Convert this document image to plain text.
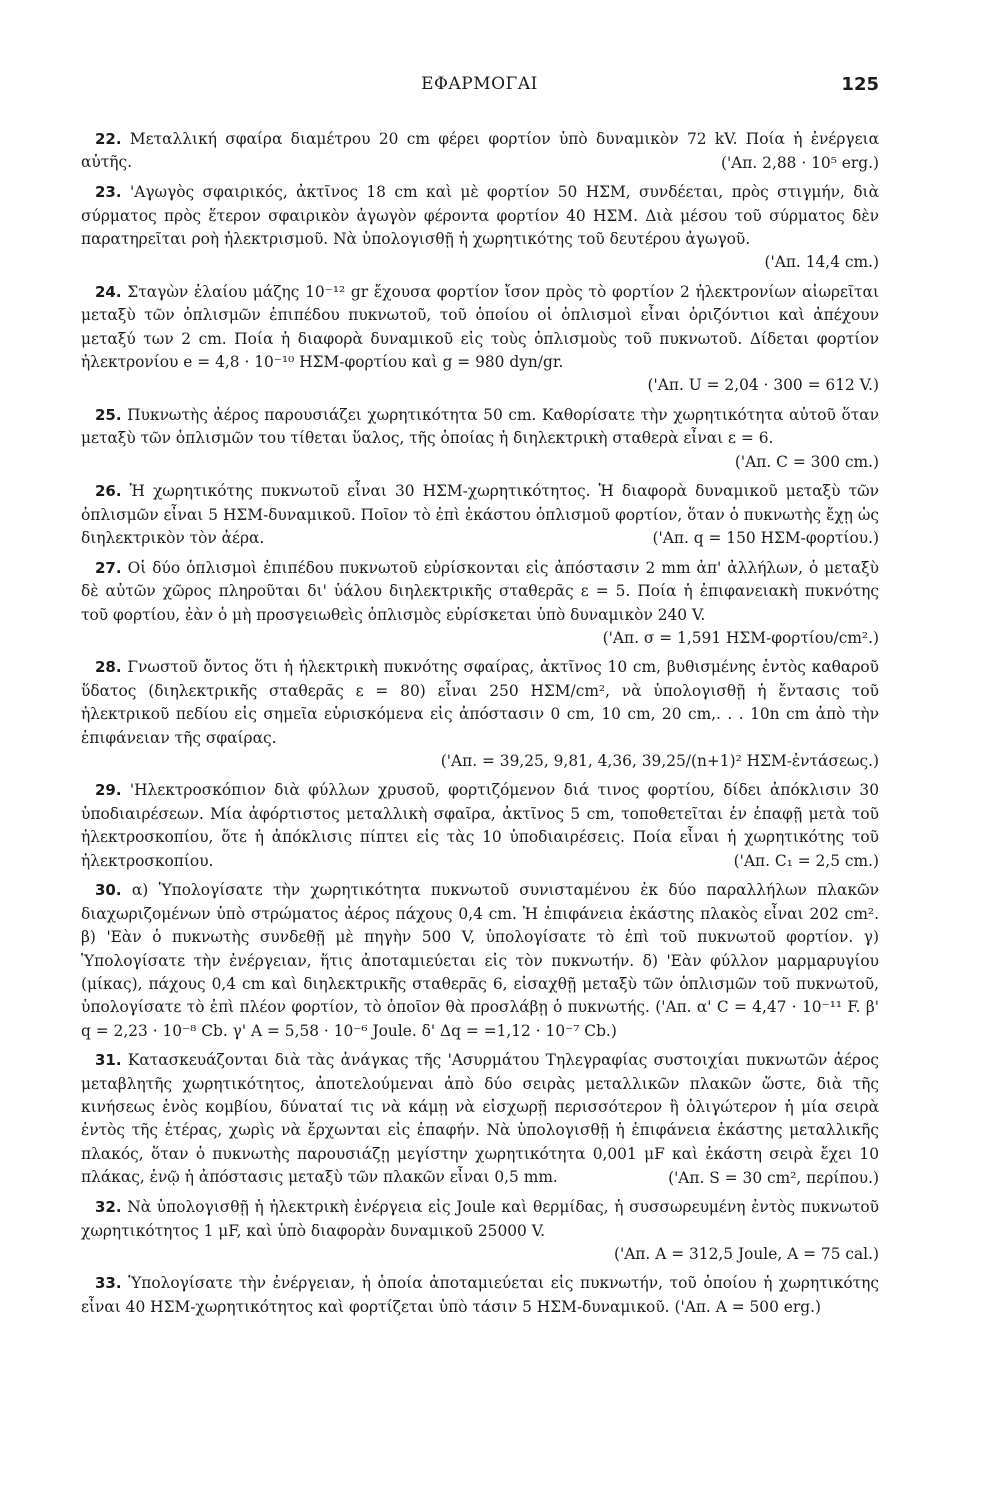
ΕΦΑΡΜΟΓΑΙ	125

22. Μεταλλική σφαίρα διαμέτρου 20 cm φέρει φορτίον ὑπὸ δυναμικὸν 72 kV. Ποία ἡ ἐνέργεια αὐτῆς.	('Απ. 2,88 · 10⁵ erg.)

23. 'Αγωγὸς σφαιρικός, ἀκτῖνος 18 cm καὶ μὲ φορτίον 50 ΗΣΜ, συνδέεται, πρὸς στιγμήν, διὰ σύρματος πρὸς ἕτερον σφαιρικὸν ἀγωγὸν φέροντα φορτίον 40 ΗΣΜ. Διὰ μέσου τοῦ σύρματος δὲν παρατηρεῖται ροὴ ἠλεκτρισμοῦ. Νὰ ὑπολογισθῇ ἡ χωρητικότης τοῦ δευτέρου ἀγωγοῦ.

('Απ. 14,4 cm.)

24. Σταγὼν ἐλαίου μάζης 10⁻¹² gr ἔχουσα φορτίον ἴσον πρὸς τὸ φορτίον 2 ἠλεκτρονίων αἰωρεῖται μεταξὺ τῶν ὁπλισμῶν ἐπιπέδου πυκνωτοῦ, τοῦ ὁποίου οἱ ὁπλισμοὶ εἶναι ὁριζόντιοι καὶ ἀπέχουν μεταξύ των 2 cm. Ποία ἡ διαφορὰ δυναμικοῦ εἰς τοὺς ὁπλισμοὺς τοῦ πυκνωτοῦ. Δίδεται φορτίον ἠλεκτρονίου e = 4,8 · 10⁻¹⁰ ΗΣΜ-φορτίου καὶ g = 980 dyn/gr.

('Απ. U = 2,04 · 300 = 612 V.)

25. Πυκνωτὴς ἀέρος παρουσιάζει χωρητικότητα 50 cm. Καθορίσατε τὴν χωρητικότητα αὐτοῦ ὅταν μεταξὺ τῶν ὁπλισμῶν του τίθεται ὕαλος, τῆς ὁποίας ἡ διηλεκτρικὴ σταθερὰ εἶναι ε = 6.

('Απ. C = 300 cm.)

26. Ἡ χωρητικότης πυκνωτοῦ εἶναι 30 ΗΣΜ-χωρητικότητος. Ἡ διαφορὰ δυναμικοῦ μεταξὺ τῶν ὁπλισμῶν εἶναι 5 ΗΣΜ-δυναμικοῦ. Ποῖον τὸ ἐπὶ ἑκάστου ὁπλισμοῦ φορτίον, ὅταν ὁ πυκνωτὴς ἔχῃ ὡς διηλεκτρικὸν τὸν ἀέρα.	('Απ. q = 150 ΗΣΜ-φορτίου.)

27. Οἱ δύο ὁπλισμοὶ ἐπιπέδου πυκνωτοῦ εὑρίσκονται εἰς ἀπόστασιν 2 mm ἀπ' ἀλλήλων, ὁ μεταξὺ δὲ αὐτῶν χῶρος πληροῦται δι' ὑάλου διηλεκτρικῆς σταθερᾶς ε = 5. Ποία ἡ ἐπιφανειακὴ πυκνότης τοῦ φορτίου, ἐὰν ὁ μὴ προσγειωθεὶς ὁπλισμὸς εὑρίσκεται ὑπὸ δυναμικὸν 240 V.

('Απ. σ = 1,591 ΗΣΜ-φορτίου/cm².)

28. Γνωστοῦ ὄντος ὅτι ἡ ἠλεκτρικὴ πυκνότης σφαίρας, ἀκτῖνος 10 cm, βυθισμένης ἐντὸς καθαροῦ ὕδατος (διηλεκτρικῆς σταθερᾶς ε = 80) εἶναι 250 ΗΣΜ/cm², νὰ ὑπολογισθῇ ἡ ἔντασις τοῦ ἠλεκτρικοῦ πεδίου εἰς σημεῖα εὑρισκόμενα εἰς ἀπόστασιν 0 cm, 10 cm, 20 cm,. . . 10n cm ἀπὸ τὴν ἐπιφάνειαν τῆς σφαίρας.

('Απ. = 39,25, 9,81, 4,36, 39,25/(n+1)² ΗΣΜ-ἐντάσεως.)

29. 'Ηλεκτροσκόπιον διὰ φύλλων χρυσοῦ, φορτιζόμενον διά τινος φορτίου, δίδει ἀπόκλισιν 30 ὑποδιαιρέσεων. Μία ἀφόρτιστος μεταλλικὴ σφαῖρα, ἀκτῖνος 5 cm, τοποθετεῖται ἐν ἐπαφῇ μετὰ τοῦ ἠλεκτροσκοπίου, ὅτε ἡ ἀπόκλισις πίπτει εἰς τὰς 10 ὑποδιαιρέσεις. Ποία εἶναι ἡ χωρητικότης τοῦ ἠλεκτροσκοπίου.	('Απ. C₁ = 2,5 cm.)

30. α) Ὑπολογίσατε τὴν χωρητικότητα πυκνωτοῦ συνισταμένου ἐκ δύο παραλλήλων πλακῶν διαχωριζομένων ὑπὸ στρώματος ἀέρος πάχους 0,4 cm. Ἡ ἐπιφάνεια ἑκάστης πλακὸς εἶναι 202 cm². β) 'Εὰν ὁ πυκνωτὴς συνδεθῇ μὲ πηγὴν 500 V, ὑπολογίσατε τὸ ἐπὶ τοῦ πυκνωτοῦ φορτίον. γ) Ὑπολογίσατε τὴν ἐνέργειαν, ἥτις ἀποταμιεύεται εἰς τὸν πυκνωτήν. δ) 'Εὰν φύλλον μαρμαρυγίου (μίκας), πάχους 0,4 cm καὶ διηλεκτρικῆς σταθερᾶς 6, εἰσαχθῇ μεταξὺ τῶν ὁπλισμῶν τοῦ πυκνωτοῦ, ὑπολογίσατε τὸ ἐπὶ πλέον φορτίον, τὸ ὁποῖον θὰ προσλάβῃ ὁ πυκνωτής. ('Απ. α' C = 4,47 · 10⁻¹¹ F. β' q = 2,23 · 10⁻⁸ Cb. γ' A = 5,58 · 10⁻⁶ Joule. δ' Δq = =1,12 · 10⁻⁷ Cb.)

31. Κατασκευάζονται διὰ τὰς ἀνάγκας τῆς 'Ασυρμάτου Τηλεγραφίας συστοιχίαι πυκνωτῶν ἀέρος μεταβλητῆς χωρητικότητος, ἀποτελούμεναι ἀπὸ δύο σειρὰς μεταλλικῶν πλακῶν ὥστε, διὰ τῆς κινήσεως ἑνὸς κομβίου, δύναταί τις νὰ κάμῃ νὰ εἰσχωρῇ περισσότερον ἢ ὀλιγώτερον ἡ μία σειρὰ ἐντὸς τῆς ἑτέρας, χωρὶς νὰ ἔρχωνται εἰς ἐπαφήν. Νὰ ὑπολογισθῇ ἡ ἐπιφάνεια ἑκάστης μεταλλικῆς πλακός, ὅταν ὁ πυκνωτὴς παρουσιάζῃ μεγίστην χωρητικότητα 0,001 μF καὶ ἑκάστη σειρὰ ἔχει 10 πλάκας, ἐνῷ ἡ ἀπόστασις μεταξὺ τῶν πλακῶν εἶναι 0,5 mm.	('Απ. S = 30 cm², περίπου.)

32. Νὰ ὑπολογισθῇ ἡ ἠλεκτρικὴ ἐνέργεια εἰς Joule καὶ θερμίδας, ἡ συσσωρευμένη ἐντὸς πυκνωτοῦ χωρητικότητος 1 μF, καὶ ὑπὸ διαφορὰν δυναμικοῦ 25000 V.

('Απ. A = 312,5 Joule, A = 75 cal.)

33. Ὑπολογίσατε τὴν ἐνέργειαν, ἡ ὁποία ἀποταμιεύεται εἰς πυκνωτήν, τοῦ ὁποίου ἡ χωρητικότης εἶναι 40 ΗΣΜ-χωρητικότητος καὶ φορτίζεται ὑπὸ τάσιν 5 ΗΣΜ-δυναμικοῦ. ('Απ. A = 500 erg.)
